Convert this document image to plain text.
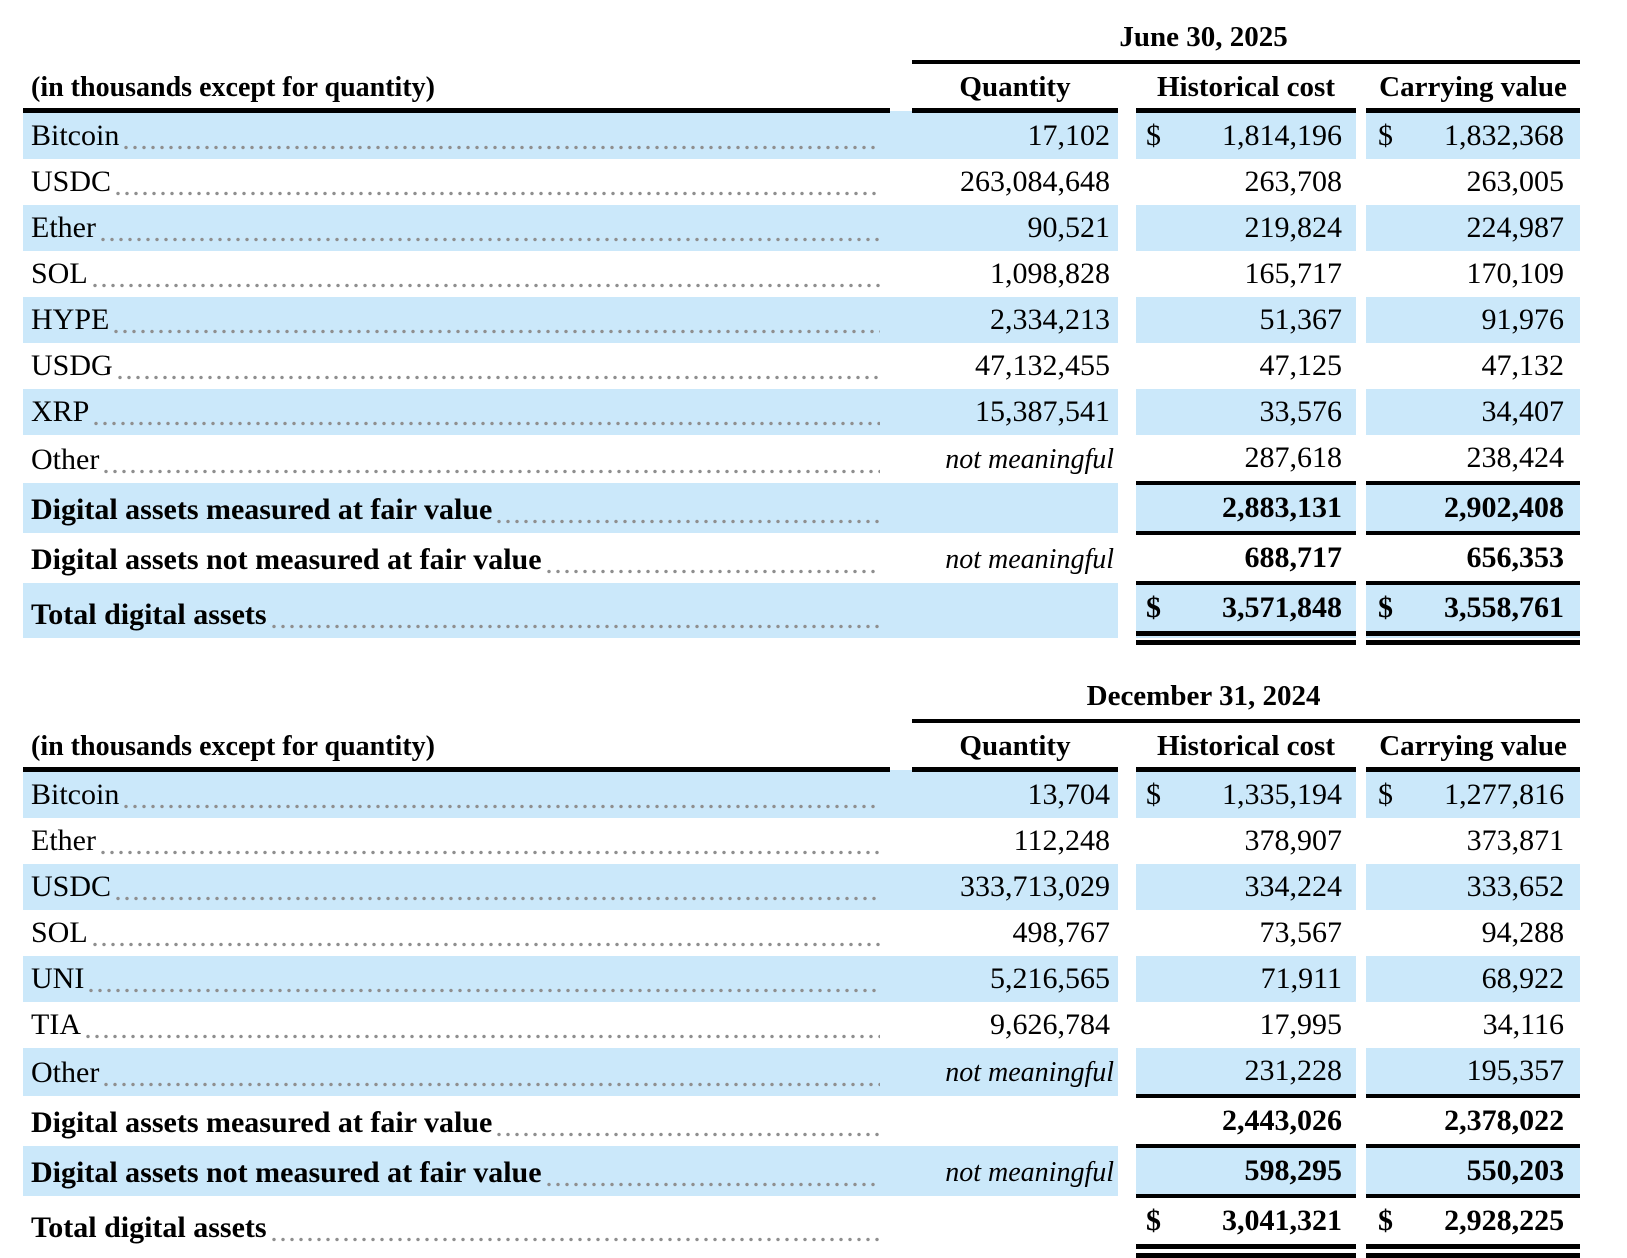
		June 30, 2025				
(in thousands except for quantity)		Quantity		Historical cost		Carrying value

Bitcoin		17,102		$ 1,814,196		$ 1,832,368

USDC		263,084,648		263,708		263,005

Ether		90,521		219,824		224,987

SOL		1,098,828		165,717		170,109

HYPE		2,334,213		51,367		91,976

USDG		47,132,455		47,125		47,132

XRP		15,387,541		33,576		34,407

Other		not meaningful		287,618		238,424

Digital assets measured at fair value				2,883,131		2,902,408

Digital assets not measured at fair value		not meaningful		688,717		656,353

Total digital assets				$ 3,571,848		$ 3,558,761
		December 31, 2024				
(in thousands except for quantity)		Quantity		Historical cost		Carrying value

Bitcoin		13,704		$ 1,335,194		$ 1,277,816

Ether		112,248		378,907		373,871

USDC		333,713,029		334,224		333,652

SOL		498,767		73,567		94,288

UNI		5,216,565		71,911		68,922

TIA		9,626,784		17,995		34,116

Other		not meaningful		231,228		195,357

Digital assets measured at fair value				2,443,026		2,378,022

Digital assets not measured at fair value		not meaningful		598,295		550,203

Total digital assets				$ 3,041,321		$ 2,928,225
